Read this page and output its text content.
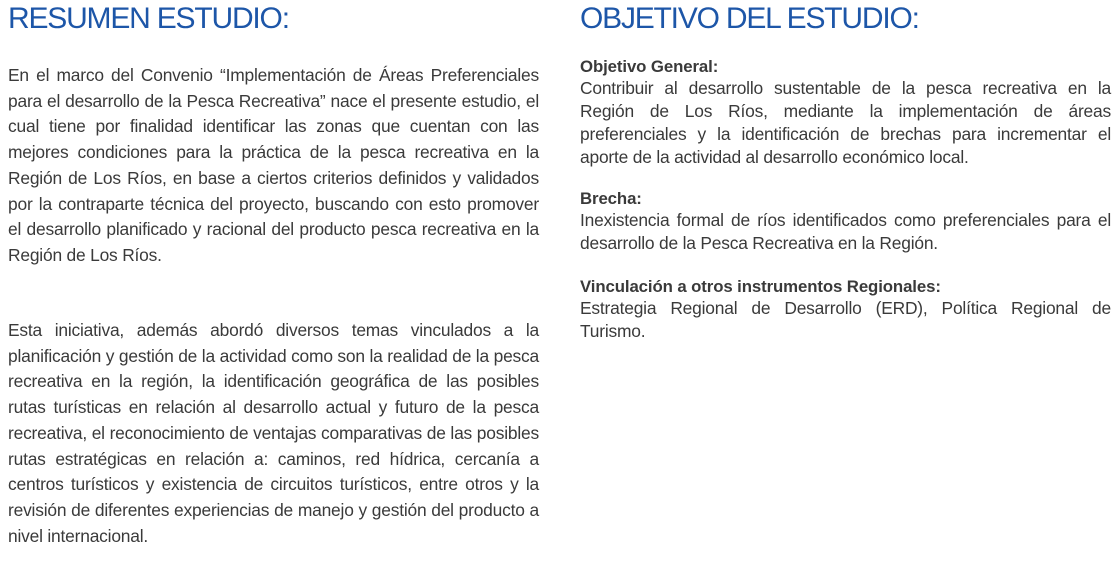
RESUMEN ESTUDIO:

En el marco del Convenio “Implementación de Áreas Preferenciales para el desarrollo de la Pesca Recreativa” nace el presente estudio, el cual tiene por finalidad identificar las zonas que cuentan con las mejores condiciones para la práctica de la pesca recreativa en la Región de Los Ríos, en base a ciertos criterios definidos y validados por la contraparte técnica del proyecto, buscando con esto promover el desarrollo planificado y racional del producto pesca recreativa en la Región de Los Ríos.

Esta iniciativa, además abordó diversos temas vinculados a la planificación y gestión de la actividad como son la realidad de la pesca recreativa en la región, la identificación geográfica de las posibles rutas turísticas en relación al desarrollo actual y futuro de la pesca recreativa, el reconocimiento de ventajas comparativas de las posibles rutas estratégicas en relación a: caminos, red hídrica, cercanía a centros turísticos y existencia de circuitos turísticos, entre otros y la revisión de diferentes experiencias de manejo y gestión del producto a nivel internacional.

OBJETIVO DEL ESTUDIO:
Objetivo General:

Contribuir al desarrollo sustentable de la pesca recreativa en la Región de Los Ríos, mediante la implementación de áreas preferenciales y la identificación de brechas para incrementar el aporte de la actividad al desarrollo económico local.

Brecha:

Inexistencia formal de ríos identificados como preferenciales para el desarrollo de la Pesca Recreativa en la Región.

Vinculación a otros instrumentos Regionales:

Estrategia Regional de Desarrollo (ERD), Política Regional de Turismo.
